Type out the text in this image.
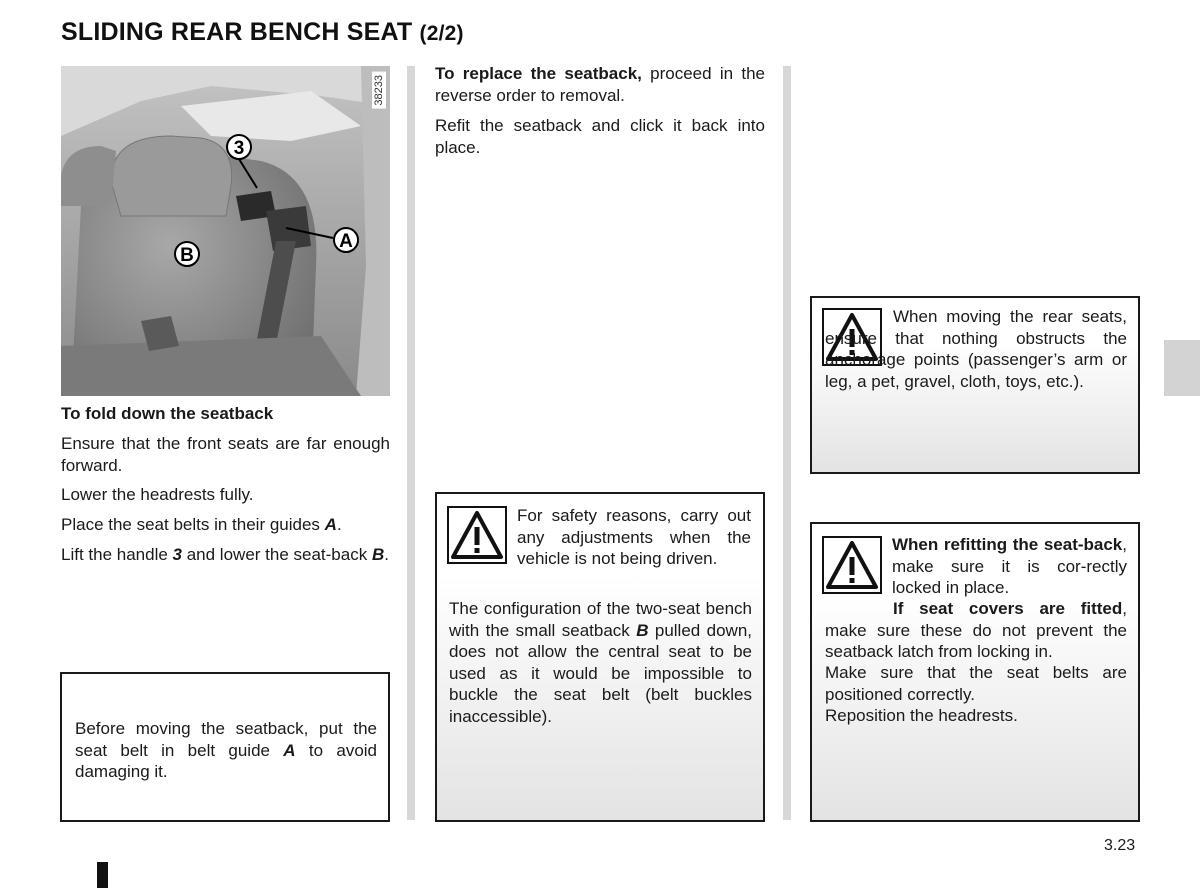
SLIDING REAR BENCH SEAT (2/2)
3
A
B
38233

To fold down the seatback

Ensure that the front seats are far enough forward.

Lower the headrests fully.

Place the seat belts in their guides A.

Lift the handle 3 and lower the seat-back B.

Before moving the seatback, put the seat belt in belt guide A to avoid damaging it.

To replace the seatback, proceed in the reverse order to removal.

Refit the seatback and click it back into place.

For safety reasons, carry out any adjustments when the vehicle is not being driven.

The configuration of the two-seat bench with the small seatback B pulled down, does not allow the central seat to be used as it would be impossible to buckle the seat belt (belt buckles inaccessible).

When moving the rear seats, ensure that nothing obstructs the anchorage points (passenger’s arm or leg, a pet, gravel, cloth, toys, etc.).

When refitting the seat-back, make sure it is cor-rectly locked in place.

If seat covers are fitted, make sure these do not prevent the seatback latch from locking in.

Make sure that the seat belts are positioned correctly.

Reposition the headrests.

3.23
